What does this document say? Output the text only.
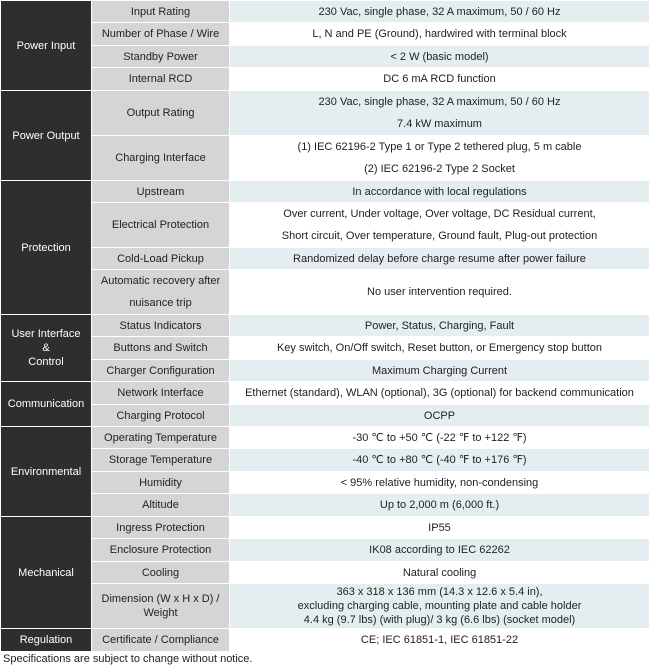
Power Input	Input Rating	230 Vac, single phase, 32 A maximum, 50 / 60 Hz

	Number of Phase / Wire	L, N and PE (Ground), hardwired with terminal block

	Standby Power	< 2 W (basic model)

	Internal RCD	DC 6 mA RCD function

Power Output	Output Rating	230 Vac, single phase, 32 A maximum, 50 / 60 Hz
7.4 kW maximum

	Charging Interface	(1) IEC 62196-2 Type 1 or Type 2 tethered plug, 5 m cable
(2) IEC 62196-2 Type 2 Socket

Protection	Upstream	In accordance with local regulations

	Electrical Protection	Over current, Under voltage, Over voltage, DC Residual current,
Short circuit, Over temperature, Ground fault, Plug-out protection

	Cold-Load Pickup	Randomized delay before charge resume after power failure

	Automatic recovery after
nuisance trip	No user intervention required.

User Interface
&
Control	Status Indicators	Power, Status, Charging, Fault

	Buttons and Switch	Key switch, On/Off switch, Reset button, or Emergency stop button

	Charger Configuration	Maximum Charging Current

Communication	Network Interface	Ethernet (standard), WLAN (optional), 3G (optional) for backend communication

	Charging Protocol	OCPP

Environmental	Operating Temperature	-30 ℃ to +50 ℃ (-22 ℉ to +122 ℉)

	Storage Temperature	-40 ℃ to +80 ℃ (-40 ℉ to +176 ℉)

	Humidity	< 95% relative humidity, non-condensing

	Altitude	Up to 2,000 m (6,000 ft.)

Mechanical	Ingress Protection	IP55

	Enclosure Protection	IK08 according to IEC 62262

	Cooling	Natural cooling

	Dimension (W x H x D) /
Weight	363 x 318 x 136 mm (14.3 x 12.6 x 5.4 in),
excluding charging cable, mounting plate and cable holder
4.4 kg (9.7 lbs) (with plug)/ 3 kg (6.6 lbs) (socket model)

Regulation	Certificate / Compliance	CE; IEC 61851-1, IEC 61851-22
Specifications are subject to change without notice.
